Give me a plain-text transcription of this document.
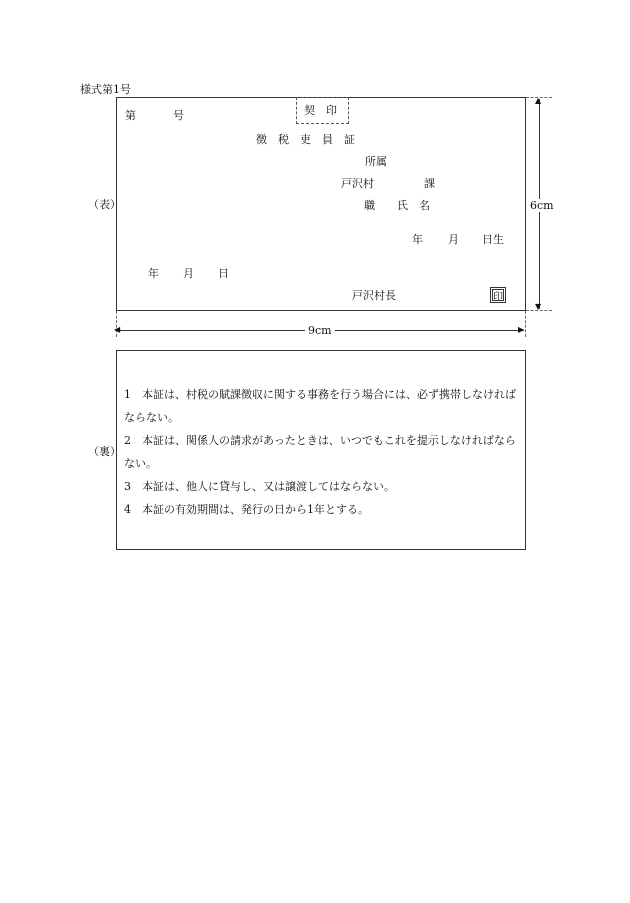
様式第1号
（表）
第	号	契　印
徴　税　吏　員　証
所属
戸沢村	課
職　　氏　名
年 月 日生
年 月 日
戸沢村長	印
▲
▼
6cm
◀	▶
9cm
（裏）
1 本証は、村税の賦課徴収に関する事務を行う場合には、必ず携帯しなければならない。
2 本証は、関係人の請求があったときは、いつでもこれを提示しなければならない。
3 本証は、他人に貸与し、又は譲渡してはならない。
4 本証の有効期間は、発行の日から1年とする。
